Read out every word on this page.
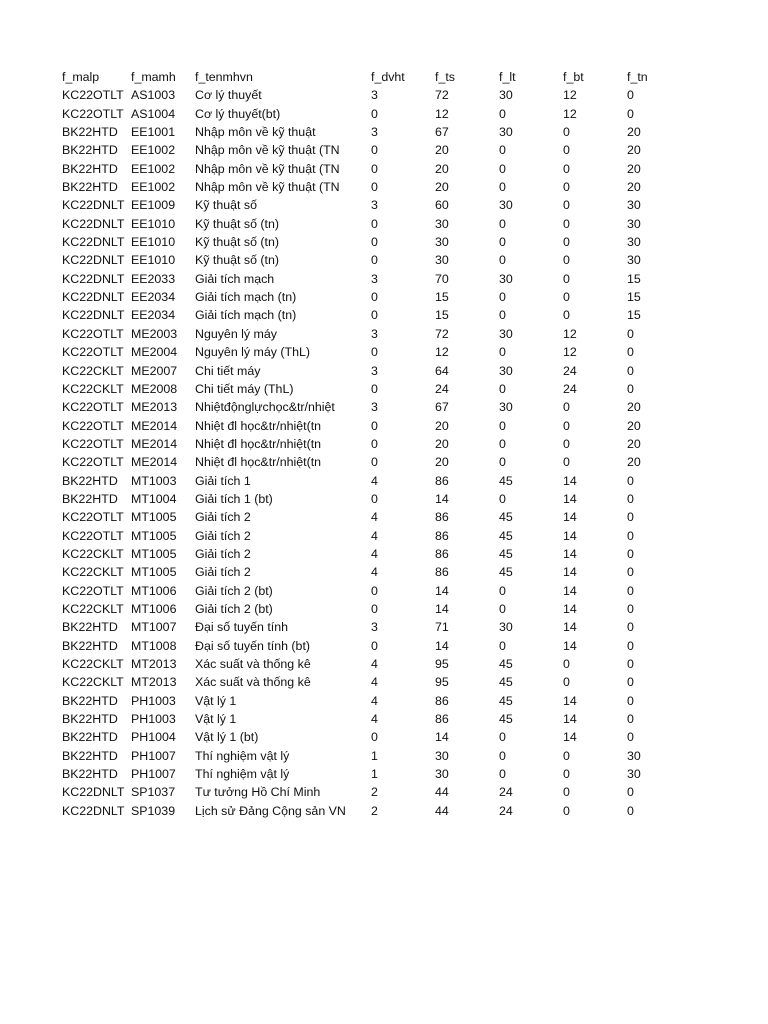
f_malp	f_mamh	f_tenmhvn	f_dvht	f_ts	f_lt	f_bt	f_tn
KC22OTLT	AS1003	Cơ lý thuyết	3	72	30	12	0
KC22OTLT	AS1004	Cơ lý thuyết(bt)	0	12	0	12	0
BK22HTD	EE1001	Nhập môn về kỹ thuật	3	67	30	0	20
BK22HTD	EE1002	Nhập môn về kỹ thuật (TN	0	20	0	0	20
BK22HTD	EE1002	Nhập môn về kỹ thuật (TN	0	20	0	0	20
BK22HTD	EE1002	Nhập môn về kỹ thuật (TN	0	20	0	0	20
KC22DNLT	EE1009	Kỹ thuật số	3	60	30	0	30
KC22DNLT	EE1010	Kỹ thuật số (tn)	0	30	0	0	30
KC22DNLT	EE1010	Kỹ thuật số (tn)	0	30	0	0	30
KC22DNLT	EE1010	Kỹ thuật số (tn)	0	30	0	0	30
KC22DNLT	EE2033	Giải tích mạch	3	70	30	0	15
KC22DNLT	EE2034	Giải tích mạch (tn)	0	15	0	0	15
KC22DNLT	EE2034	Giải tích mạch (tn)	0	15	0	0	15
KC22OTLT	ME2003	Nguyên lý máy	3	72	30	12	0
KC22OTLT	ME2004	Nguyên lý máy (ThL)	0	12	0	12	0
KC22CKLT	ME2007	Chi tiết máy	3	64	30	24	0
KC22CKLT	ME2008	Chi tiết máy (ThL)	0	24	0	24	0
KC22OTLT	ME2013	Nhiệtđộnglựchọc&tr/nhiệt	3	67	30	0	20
KC22OTLT	ME2014	Nhiệt đl học&tr/nhiệt(tn	0	20	0	0	20
KC22OTLT	ME2014	Nhiệt đl học&tr/nhiệt(tn	0	20	0	0	20
KC22OTLT	ME2014	Nhiệt đl học&tr/nhiệt(tn	0	20	0	0	20
BK22HTD	MT1003	Giải tích 1	4	86	45	14	0
BK22HTD	MT1004	Giải tích 1 (bt)	0	14	0	14	0
KC22OTLT	MT1005	Giải tích 2	4	86	45	14	0
KC22OTLT	MT1005	Giải tích 2	4	86	45	14	0
KC22CKLT	MT1005	Giải tích 2	4	86	45	14	0
KC22CKLT	MT1005	Giải tích 2	4	86	45	14	0
KC22OTLT	MT1006	Giải tích 2 (bt)	0	14	0	14	0
KC22CKLT	MT1006	Giải tích 2 (bt)	0	14	0	14	0
BK22HTD	MT1007	Đại số tuyến tính	3	71	30	14	0
BK22HTD	MT1008	Đại số tuyến tính (bt)	0	14	0	14	0
KC22CKLT	MT2013	Xác suất và thống kê	4	95	45	0	0
KC22CKLT	MT2013	Xác suất và thống kê	4	95	45	0	0
BK22HTD	PH1003	Vật lý 1	4	86	45	14	0
BK22HTD	PH1003	Vật lý 1	4	86	45	14	0
BK22HTD	PH1004	Vật lý 1 (bt)	0	14	0	14	0
BK22HTD	PH1007	Thí nghiệm vật lý	1	30	0	0	30
BK22HTD	PH1007	Thí nghiệm vật lý	1	30	0	0	30
KC22DNLT	SP1037	Tư tưởng Hồ Chí Minh	2	44	24	0	0
KC22DNLT	SP1039	Lịch sử Đảng Cộng sản VN	2	44	24	0	0
